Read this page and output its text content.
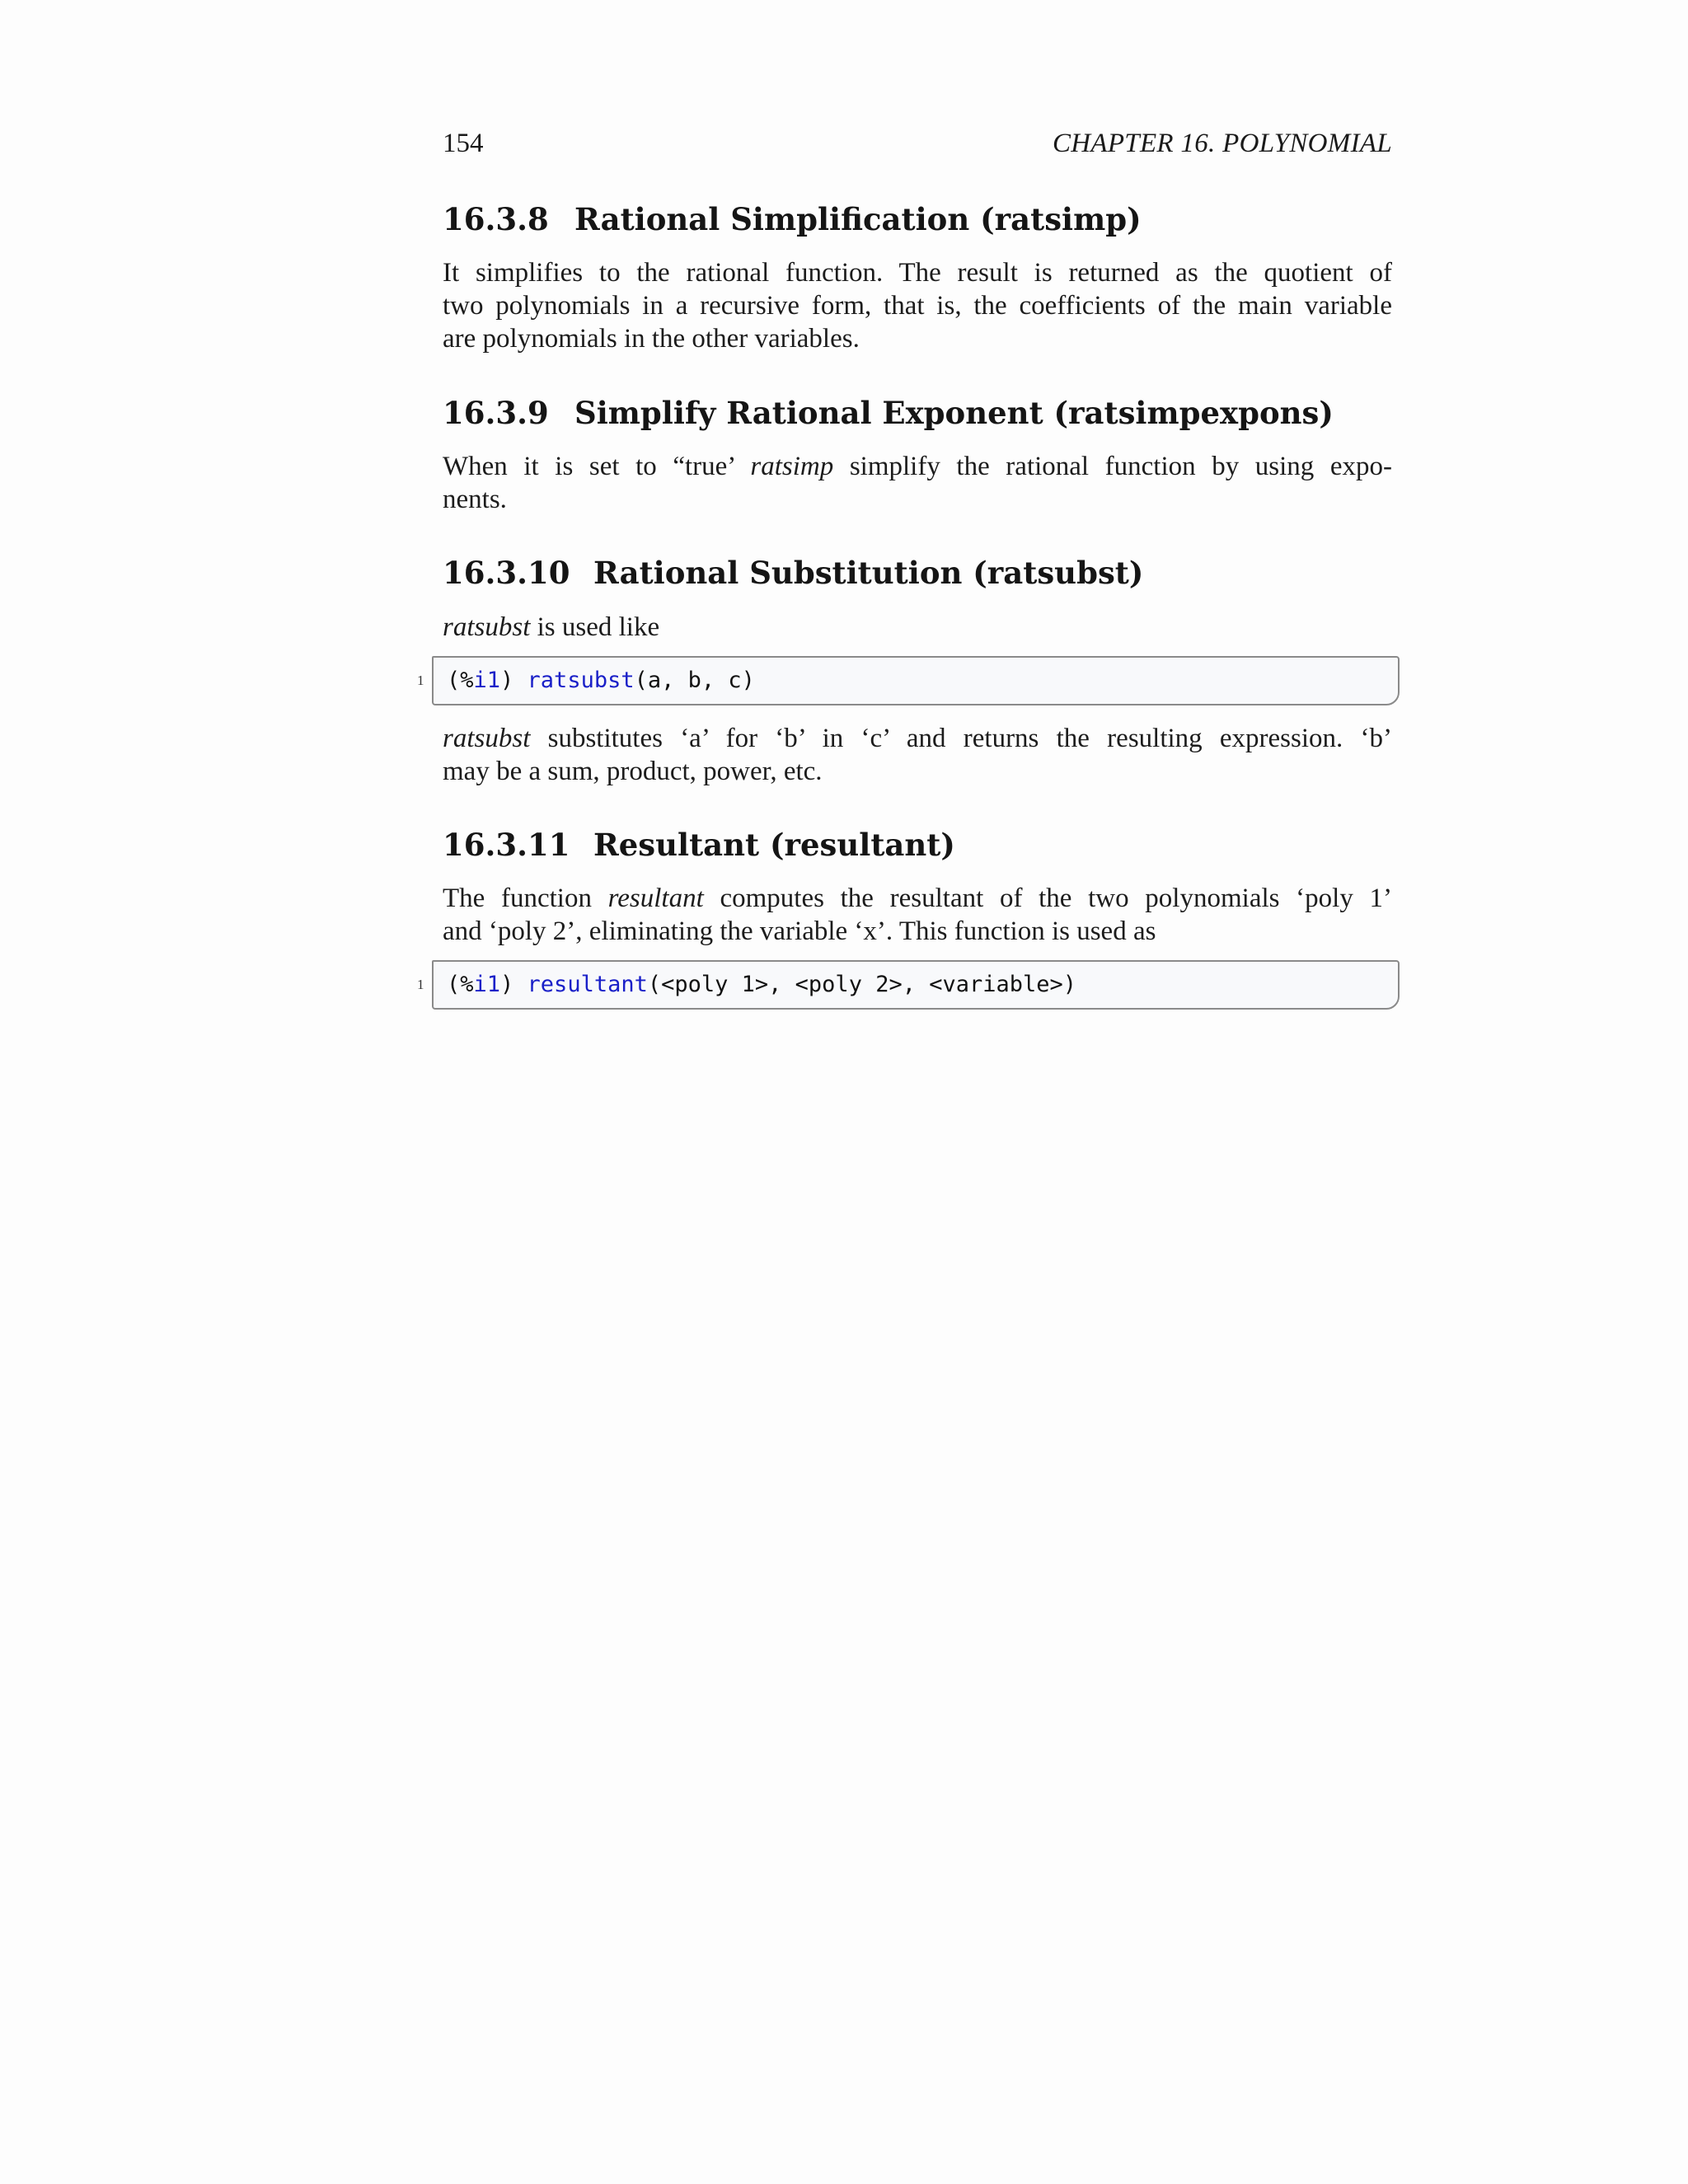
154	CHAPTER 16. POLYNOMIAL
16.3.8 Rational Simplification (ratsimp)

It simplifies to the rational function. The result is returned as the quotient of
two polynomials in a recursive form, that is, the coefficients of the main variable
are polynomials in the other variables.

16.3.9 Simplify Rational Exponent (ratsimpexpons)

When it is set to “true’ ratsimp simplify the rational function by using expo-
nents.

16.3.10 Rational Substitution (ratsubst)

ratsubst is used like

1 (%i1) ratsubst(a, b, c)

ratsubst substitutes ‘a’ for ‘b’ in ‘c’ and returns the resulting expression. ‘b’
may be a sum, product, power, etc.

16.3.11 Resultant (resultant)

The function resultant computes the resultant of the two polynomials ‘poly 1’
and ‘poly 2’, eliminating the variable ‘x’. This function is used as

1 (%i1) resultant(<poly 1>, <poly 2>, <variable>)
